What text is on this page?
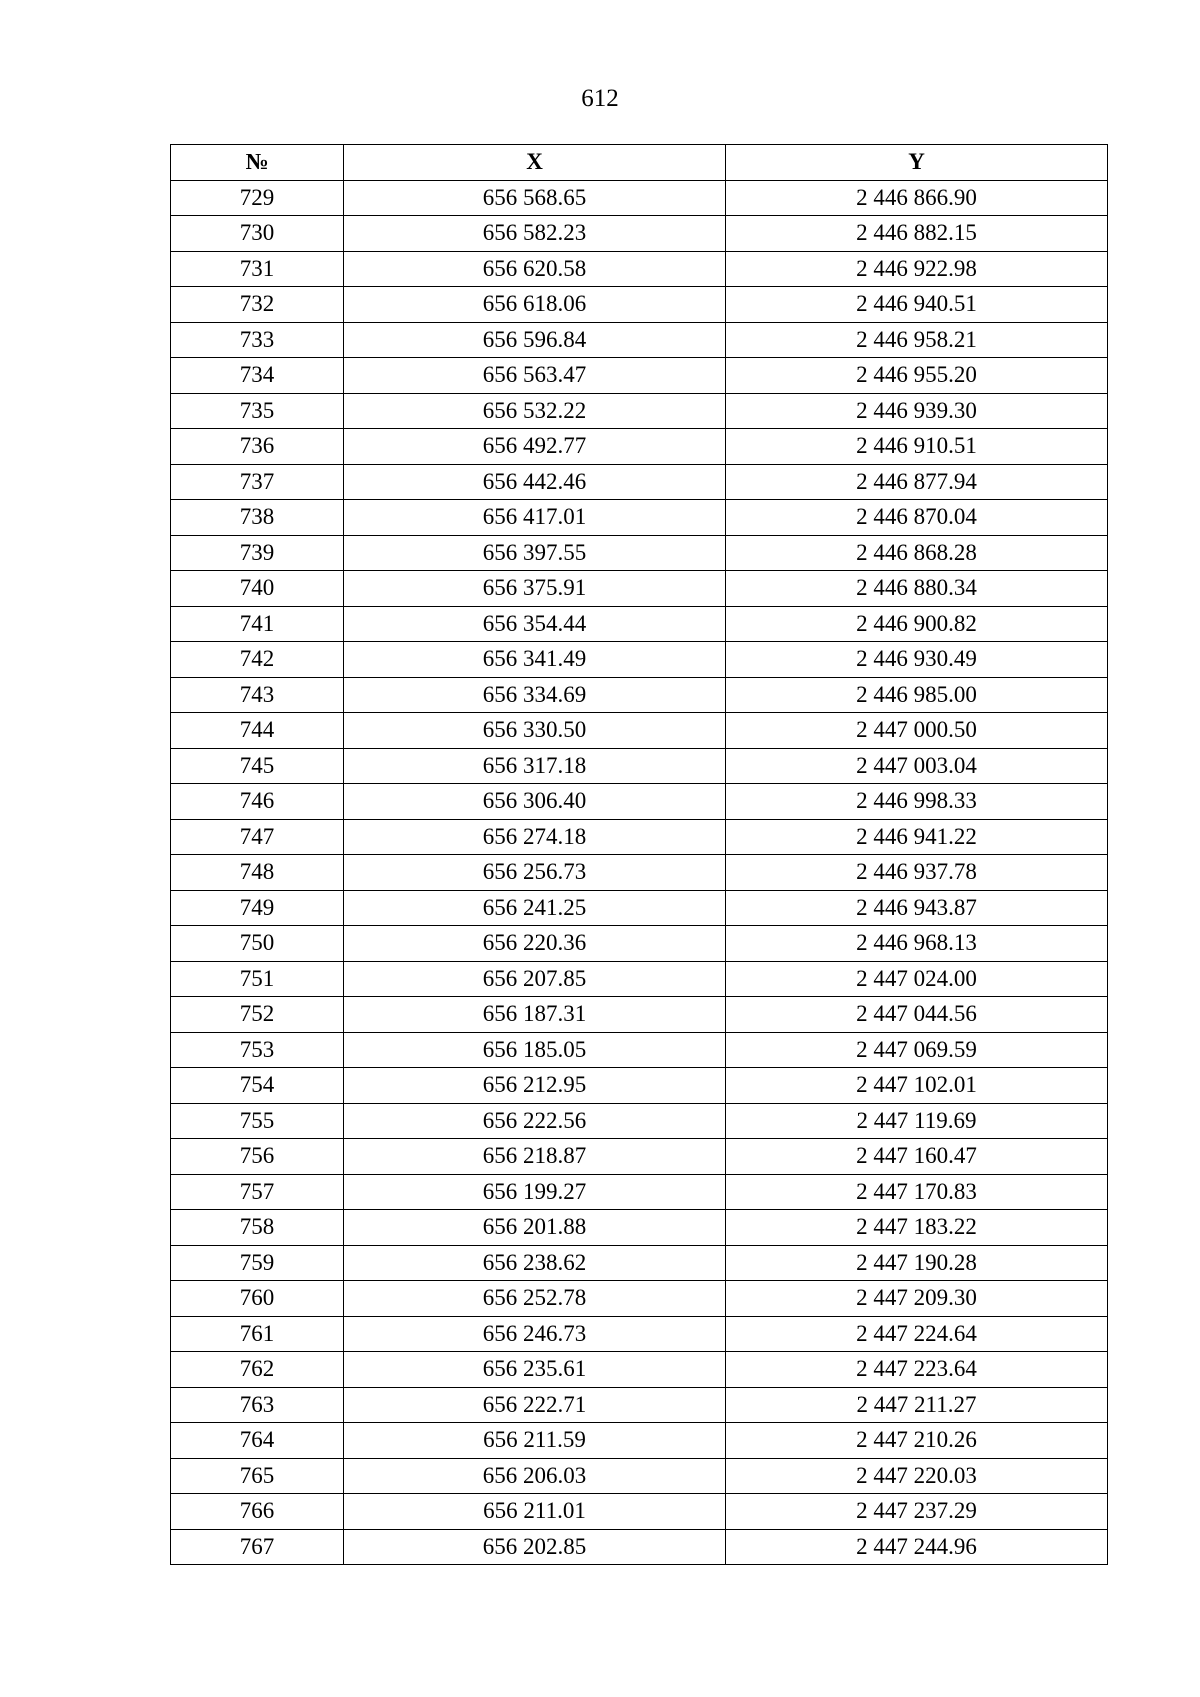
612
№	X	Y
729	656 568.65	2 446 866.90
730	656 582.23	2 446 882.15
731	656 620.58	2 446 922.98
732	656 618.06	2 446 940.51
733	656 596.84	2 446 958.21
734	656 563.47	2 446 955.20
735	656 532.22	2 446 939.30
736	656 492.77	2 446 910.51
737	656 442.46	2 446 877.94
738	656 417.01	2 446 870.04
739	656 397.55	2 446 868.28
740	656 375.91	2 446 880.34
741	656 354.44	2 446 900.82
742	656 341.49	2 446 930.49
743	656 334.69	2 446 985.00
744	656 330.50	2 447 000.50
745	656 317.18	2 447 003.04
746	656 306.40	2 446 998.33
747	656 274.18	2 446 941.22
748	656 256.73	2 446 937.78
749	656 241.25	2 446 943.87
750	656 220.36	2 446 968.13
751	656 207.85	2 447 024.00
752	656 187.31	2 447 044.56
753	656 185.05	2 447 069.59
754	656 212.95	2 447 102.01
755	656 222.56	2 447 119.69
756	656 218.87	2 447 160.47
757	656 199.27	2 447 170.83
758	656 201.88	2 447 183.22
759	656 238.62	2 447 190.28
760	656 252.78	2 447 209.30
761	656 246.73	2 447 224.64
762	656 235.61	2 447 223.64
763	656 222.71	2 447 211.27
764	656 211.59	2 447 210.26
765	656 206.03	2 447 220.03
766	656 211.01	2 447 237.29
767	656 202.85	2 447 244.96
